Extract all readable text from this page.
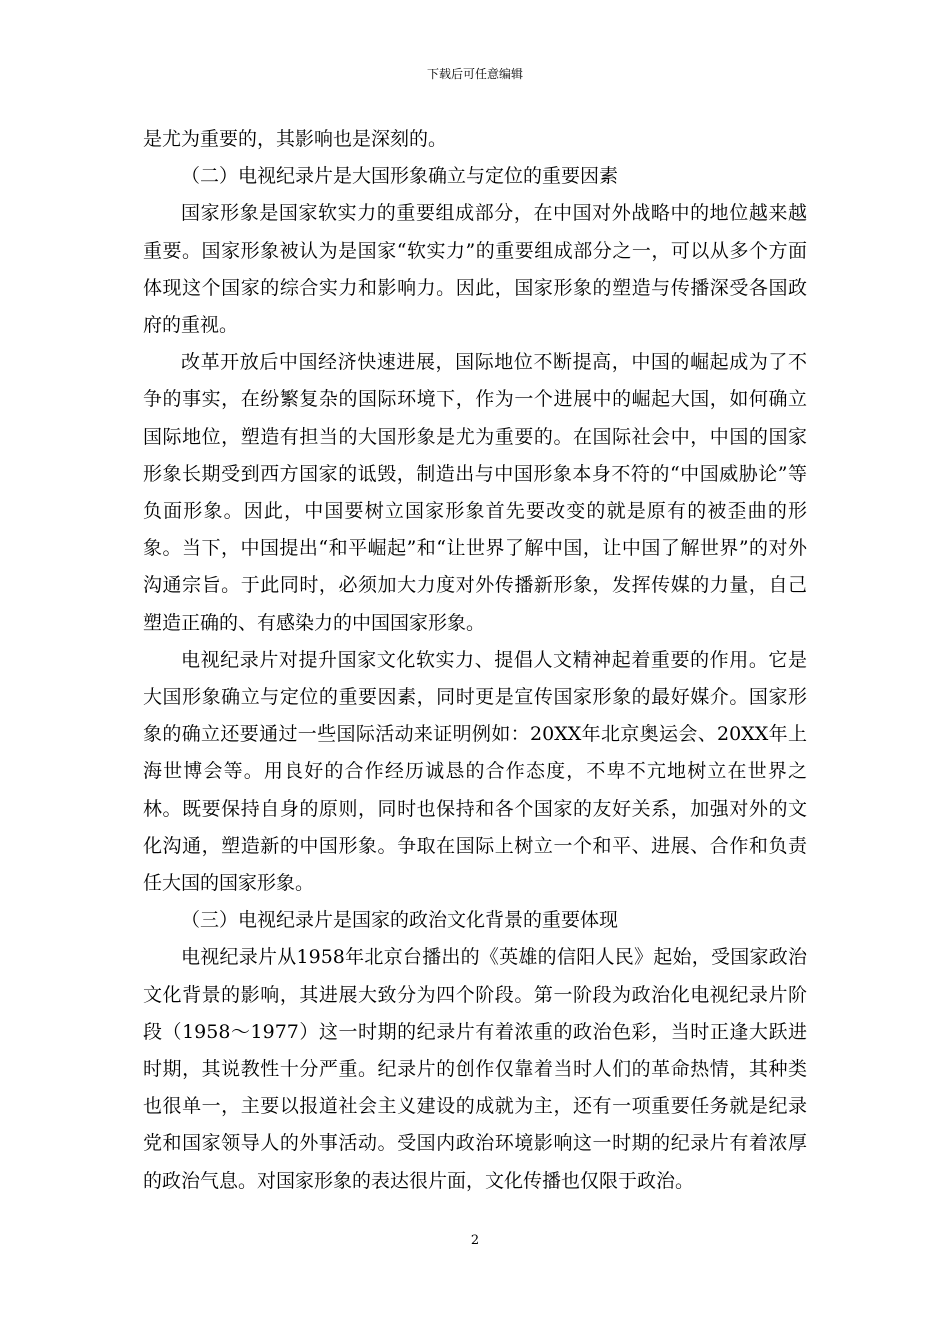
下载后可任意编辑

是尤为重要的，其影响也是深刻的。

（二）电视纪录片是大国形象确立与定位的重要因素

国家形象是国家软实力的重要组成部分，在中国对外战略中的地位越来越重要。国家形象被认为是国家“软实力”的重要组成部分之一，可以从多个方面体现这个国家的综合实力和影响力。因此，国家形象的塑造与传播深受各国政府的重视。

改革开放后中国经济快速进展，国际地位不断提高，中国的崛起成为了不争的事实，在纷繁复杂的国际环境下，作为一个进展中的崛起大国，如何确立国际地位，塑造有担当的大国形象是尤为重要的。在国际社会中，中国的国家形象长期受到西方国家的诋毁，制造出与中国形象本身不符的“中国威胁论”等负面形象。因此，中国要树立国家形象首先要改变的就是原有的被歪曲的形象。当下，中国提出“和平崛起”和“让世界了解中国，让中国了解世界”的对外沟通宗旨。于此同时，必须加大力度对外传播新形象，发挥传媒的力量，自己塑造正确的、有感染力的中国国家形象。

电视纪录片对提升国家文化软实力、提倡人文精神起着重要的作用。它是大国形象确立与定位的重要因素，同时更是宣传国家形象的最好媒介。国家形象的确立还要通过一些国际活动来证明例如：20XX年北京奥运会、20XX年上海世博会等。用良好的合作经历诚恳的合作态度，不卑不亢地树立在世界之林。既要保持自身的原则，同时也保持和各个国家的友好关系，加强对外的文化沟通，塑造新的中国形象。争取在国际上树立一个和平、进展、合作和负责任大国的国家形象。

（三）电视纪录片是国家的政治文化背景的重要体现

电视纪录片从1958年北京台播出的《英雄的信阳人民》起始，受国家政治文化背景的影响，其进展大致分为四个阶段。第一阶段为政治化电视纪录片阶段（1958～1977）这一时期的纪录片有着浓重的政治色彩，当时正逢大跃进时期，其说教性十分严重。纪录片的创作仅靠着当时人们的革命热情，其种类也很单一，主要以报道社会主义建设的成就为主，还有一项重要任务就是纪录党和国家领导人的外事活动。受国内政治环境影响这一时期的纪录片有着浓厚的政治气息。对国家形象的表达很片面，文化传播也仅限于政治。

2
